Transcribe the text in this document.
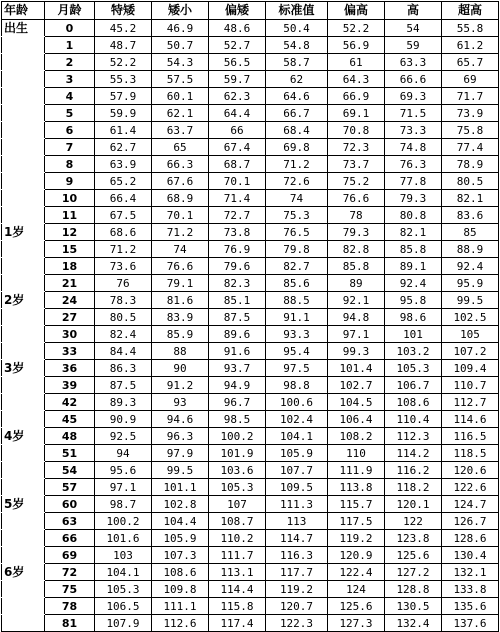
年龄	月龄	特矮	矮小	偏矮	标准值	偏高	高	超高
出生	0	45.2	46.9	48.6	50.4	52.2	54	55.8
	1	48.7	50.7	52.7	54.8	56.9	59	61.2
	2	52.2	54.3	56.5	58.7	61	63.3	65.7
	3	55.3	57.5	59.7	62	64.3	66.6	69
	4	57.9	60.1	62.3	64.6	66.9	69.3	71.7
	5	59.9	62.1	64.4	66.7	69.1	71.5	73.9
	6	61.4	63.7	66	68.4	70.8	73.3	75.8
	7	62.7	65	67.4	69.8	72.3	74.8	77.4
	8	63.9	66.3	68.7	71.2	73.7	76.3	78.9
	9	65.2	67.6	70.1	72.6	75.2	77.8	80.5
	10	66.4	68.9	71.4	74	76.6	79.3	82.1
	11	67.5	70.1	72.7	75.3	78	80.8	83.6
1岁	12	68.6	71.2	73.8	76.5	79.3	82.1	85
	15	71.2	74	76.9	79.8	82.8	85.8	88.9
	18	73.6	76.6	79.6	82.7	85.8	89.1	92.4
	21	76	79.1	82.3	85.6	89	92.4	95.9
2岁	24	78.3	81.6	85.1	88.5	92.1	95.8	99.5
	27	80.5	83.9	87.5	91.1	94.8	98.6	102.5
	30	82.4	85.9	89.6	93.3	97.1	101	105
	33	84.4	88	91.6	95.4	99.3	103.2	107.2
3岁	36	86.3	90	93.7	97.5	101.4	105.3	109.4
	39	87.5	91.2	94.9	98.8	102.7	106.7	110.7
	42	89.3	93	96.7	100.6	104.5	108.6	112.7
	45	90.9	94.6	98.5	102.4	106.4	110.4	114.6
4岁	48	92.5	96.3	100.2	104.1	108.2	112.3	116.5
	51	94	97.9	101.9	105.9	110	114.2	118.5
	54	95.6	99.5	103.6	107.7	111.9	116.2	120.6
	57	97.1	101.1	105.3	109.5	113.8	118.2	122.6
5岁	60	98.7	102.8	107	111.3	115.7	120.1	124.7
	63	100.2	104.4	108.7	113	117.5	122	126.7
	66	101.6	105.9	110.2	114.7	119.2	123.8	128.6
	69	103	107.3	111.7	116.3	120.9	125.6	130.4
6岁	72	104.1	108.6	113.1	117.7	122.4	127.2	132.1
	75	105.3	109.8	114.4	119.2	124	128.8	133.8
	78	106.5	111.1	115.8	120.7	125.6	130.5	135.6
	81	107.9	112.6	117.4	122.3	127.3	132.4	137.6
